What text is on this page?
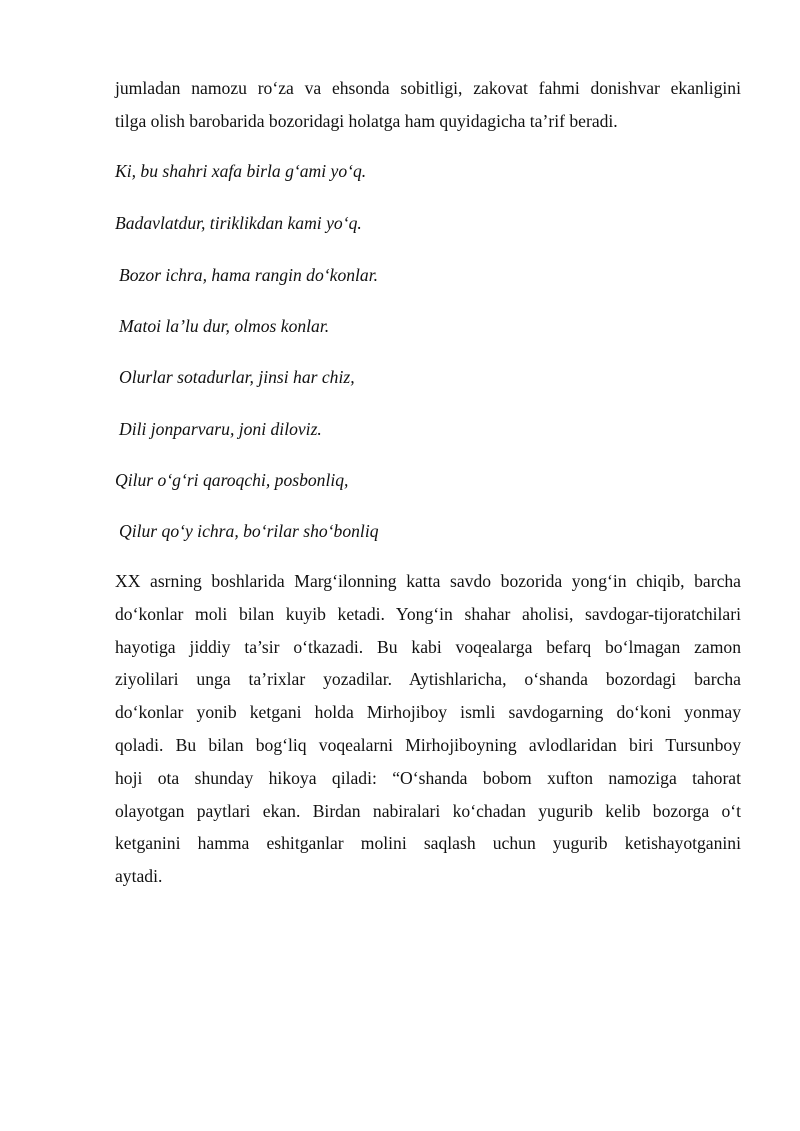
jumladan namozu ro‘za va ehsonda sobitligi, zakovat fahmi donishvar ekanligini
tilga olish barobarida bozoridagi holatga ham quyidagicha ta’rif beradi.

Ki, bu shahri xafa birla g‘ami yo‘q.

Badavlatdur, tiriklikdan kami yo‘q.

Bozor ichra, hama rangin do‘konlar.

Matoi la’lu dur, olmos konlar.

Olurlar sotadurlar, jinsi har chiz,

Dili jonparvaru, joni diloviz.

Qilur o‘g‘ri qaroqchi, posbonliq,

Qilur qo‘y ichra, bo‘rilar sho‘bonliq

XX asrning boshlarida Marg‘ilonning katta savdo bozorida yong‘in chiqib, barcha
do‘konlar moli bilan kuyib ketadi. Yong‘in shahar aholisi, savdogar-tijoratchilari
hayotiga jiddiy ta’sir o‘tkazadi. Bu kabi voqealarga befarq bo‘lmagan zamon
ziyolilari unga ta’rixlar yozadilar. Aytishlaricha, o‘shanda bozordagi barcha
do‘konlar yonib ketgani holda Mirhojiboy ismli savdogarning do‘koni yonmay
qoladi. Bu bilan bog‘liq voqealarni Mirhojiboyning avlodlaridan biri Tursunboy
hoji ota shunday hikoya qiladi: “O‘shanda bobom xufton namoziga tahorat
olayotgan paytlari ekan. Birdan nabiralari ko‘chadan yugurib kelib bozorga o‘t
ketganini hamma eshitganlar molini saqlash uchun yugurib ketishayotganini
aytadi.
